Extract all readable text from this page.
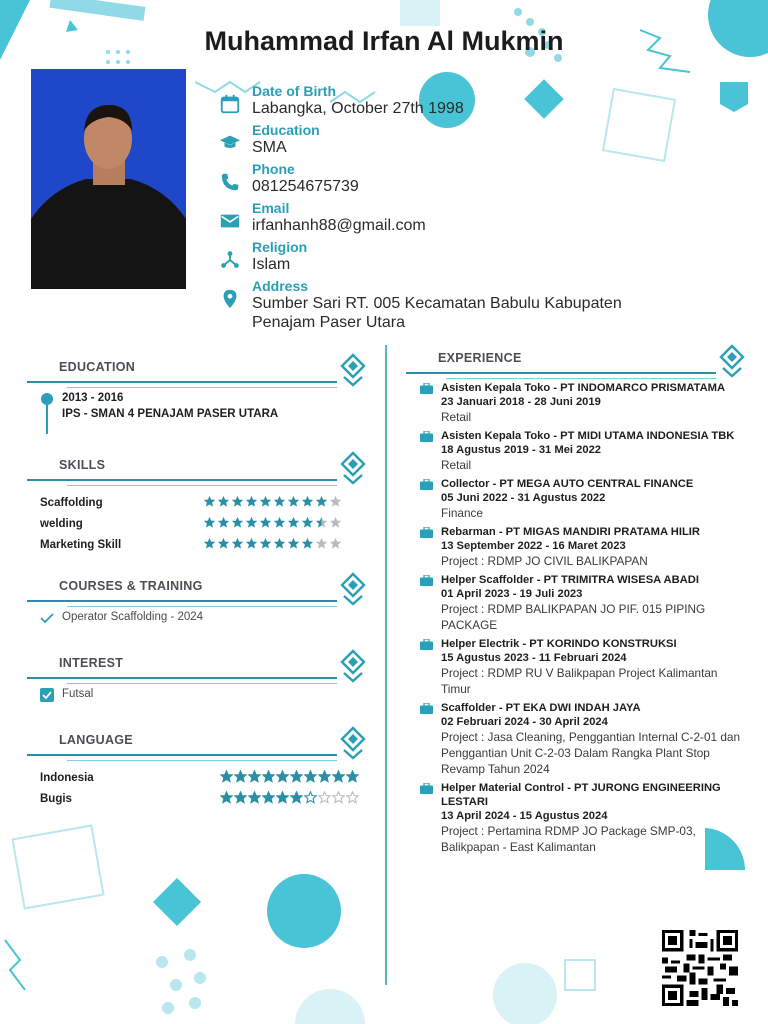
Muhammad Irfan Al Mukmin
Date of Birth
Labangka, October 27th 1998
Education
SMA
Phone
081254675739
Email
irfanhanh88@gmail.com
Religion
Islam
Address
Sumber Sari RT. 005 Kecamatan Babulu Kabupaten Penajam Paser Utara
EDUCATION
2013 - 2016
IPS - SMAN 4 PENAJAM PASER UTARA
SKILLS
Scaffolding
welding
Marketing Skill
COURSES & TRAINING
Operator Scaffolding - 2024
INTEREST
Futsal
LANGUAGE
Indonesia
Bugis
EXPERIENCE
Asisten Kepala Toko - PT INDOMARCO PRISMATAMA
23 Januari 2018 - 28 Juni 2019
Retail
Asisten Kepala Toko - PT MIDI UTAMA INDONESIA TBK
18 Agustus 2019 - 31 Mei 2022
Retail
Collector - PT MEGA AUTO CENTRAL FINANCE
05 Juni 2022 - 31 Agustus 2022
Finance
Rebarman - PT MIGAS MANDIRI PRATAMA HILIR
13 September 2022 - 16 Maret 2023
Project : RDMP JO CIVIL BALIKPAPAN
Helper Scaffolder - PT TRIMITRA WISESA ABADI
01 April 2023 - 19 Juli 2023
Project : RDMP BALIKPAPAN JO PIF. 015 PIPING PACKAGE
Helper Electrik - PT KORINDO KONSTRUKSI
15 Agustus 2023 - 11 Februari 2024
Project : RDMP RU V Balikpapan Project Kalimantan Timur
Scaffolder - PT EKA DWI INDAH JAYA
02 Februari 2024 - 30 April 2024
Project : Jasa Cleaning, Penggantian Internal C-2-01 dan Penggantian Unit C-2-03 Dalam Rangka Plant Stop Revamp Tahun 2024
Helper Material Control - PT JURONG ENGINEERING LESTARI
13 April 2024 - 15 Agustus 2024
Project : Pertamina RDMP JO Package SMP-03, Balikpapan - East Kalimantan
